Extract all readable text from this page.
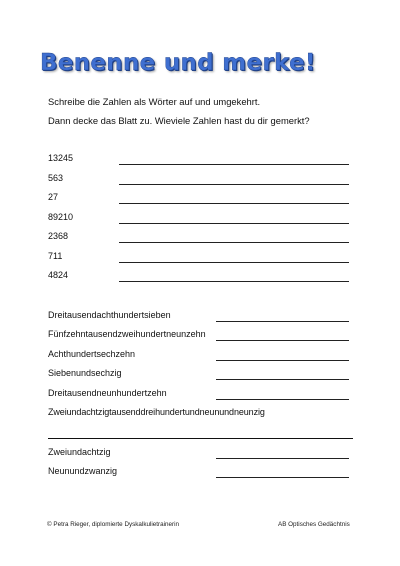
Benenne und merke!
Schreibe die Zahlen als Wörter auf und umgekehrt.
Dann decke das Blatt zu. Wieviele Zahlen hast du dir gemerkt?
13245
563
27
89210
2368
711
4824
Dreitausendachthundertsieben
Fünfzehntausendzweihundertneunzehn
Achthundertsechzehn
Siebenundsechzig
Dreitausendneunhundertzehn
Zweiundachtzigtausenddreihundertundneunundneunzig
Zweiundachtzig
Neunundzwanzig
© Petra Rieger, diplomierte Dyskalkulietrainerin	AB Optisches Gedächtnis
